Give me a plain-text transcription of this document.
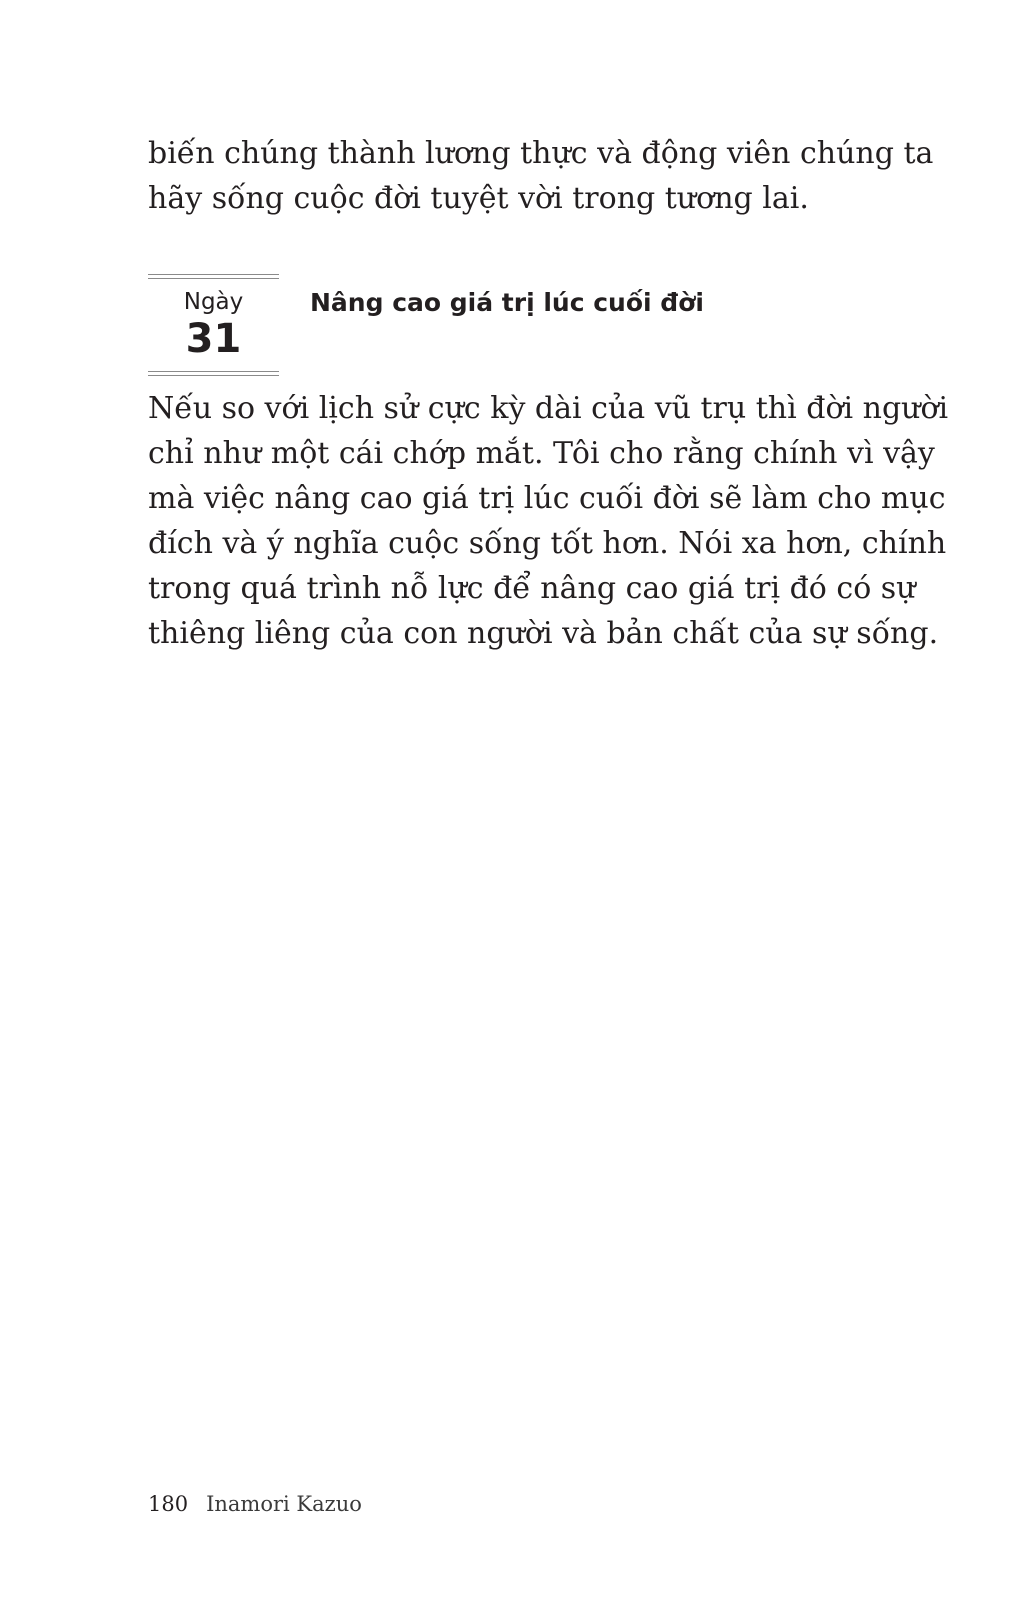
biến chúng thành lương thực và động viên chúng ta
hãy sống cuộc đời tuyệt vời trong tương lai.

Ngày
31
Nâng cao giá trị lúc cuối đời

Nếu so với lịch sử cực kỳ dài của vũ trụ thì đời người
chỉ như một cái chớp mắt. Tôi cho rằng chính vì vậy
mà việc nâng cao giá trị lúc cuối đời sẽ làm cho mục
đích và ý nghĩa cuộc sống tốt hơn. Nói xa hơn, chính
trong quá trình nỗ lực để nâng cao giá trị đó có sự
thiêng liêng của con người và bản chất của sự sống.

180 Inamori Kazuo
